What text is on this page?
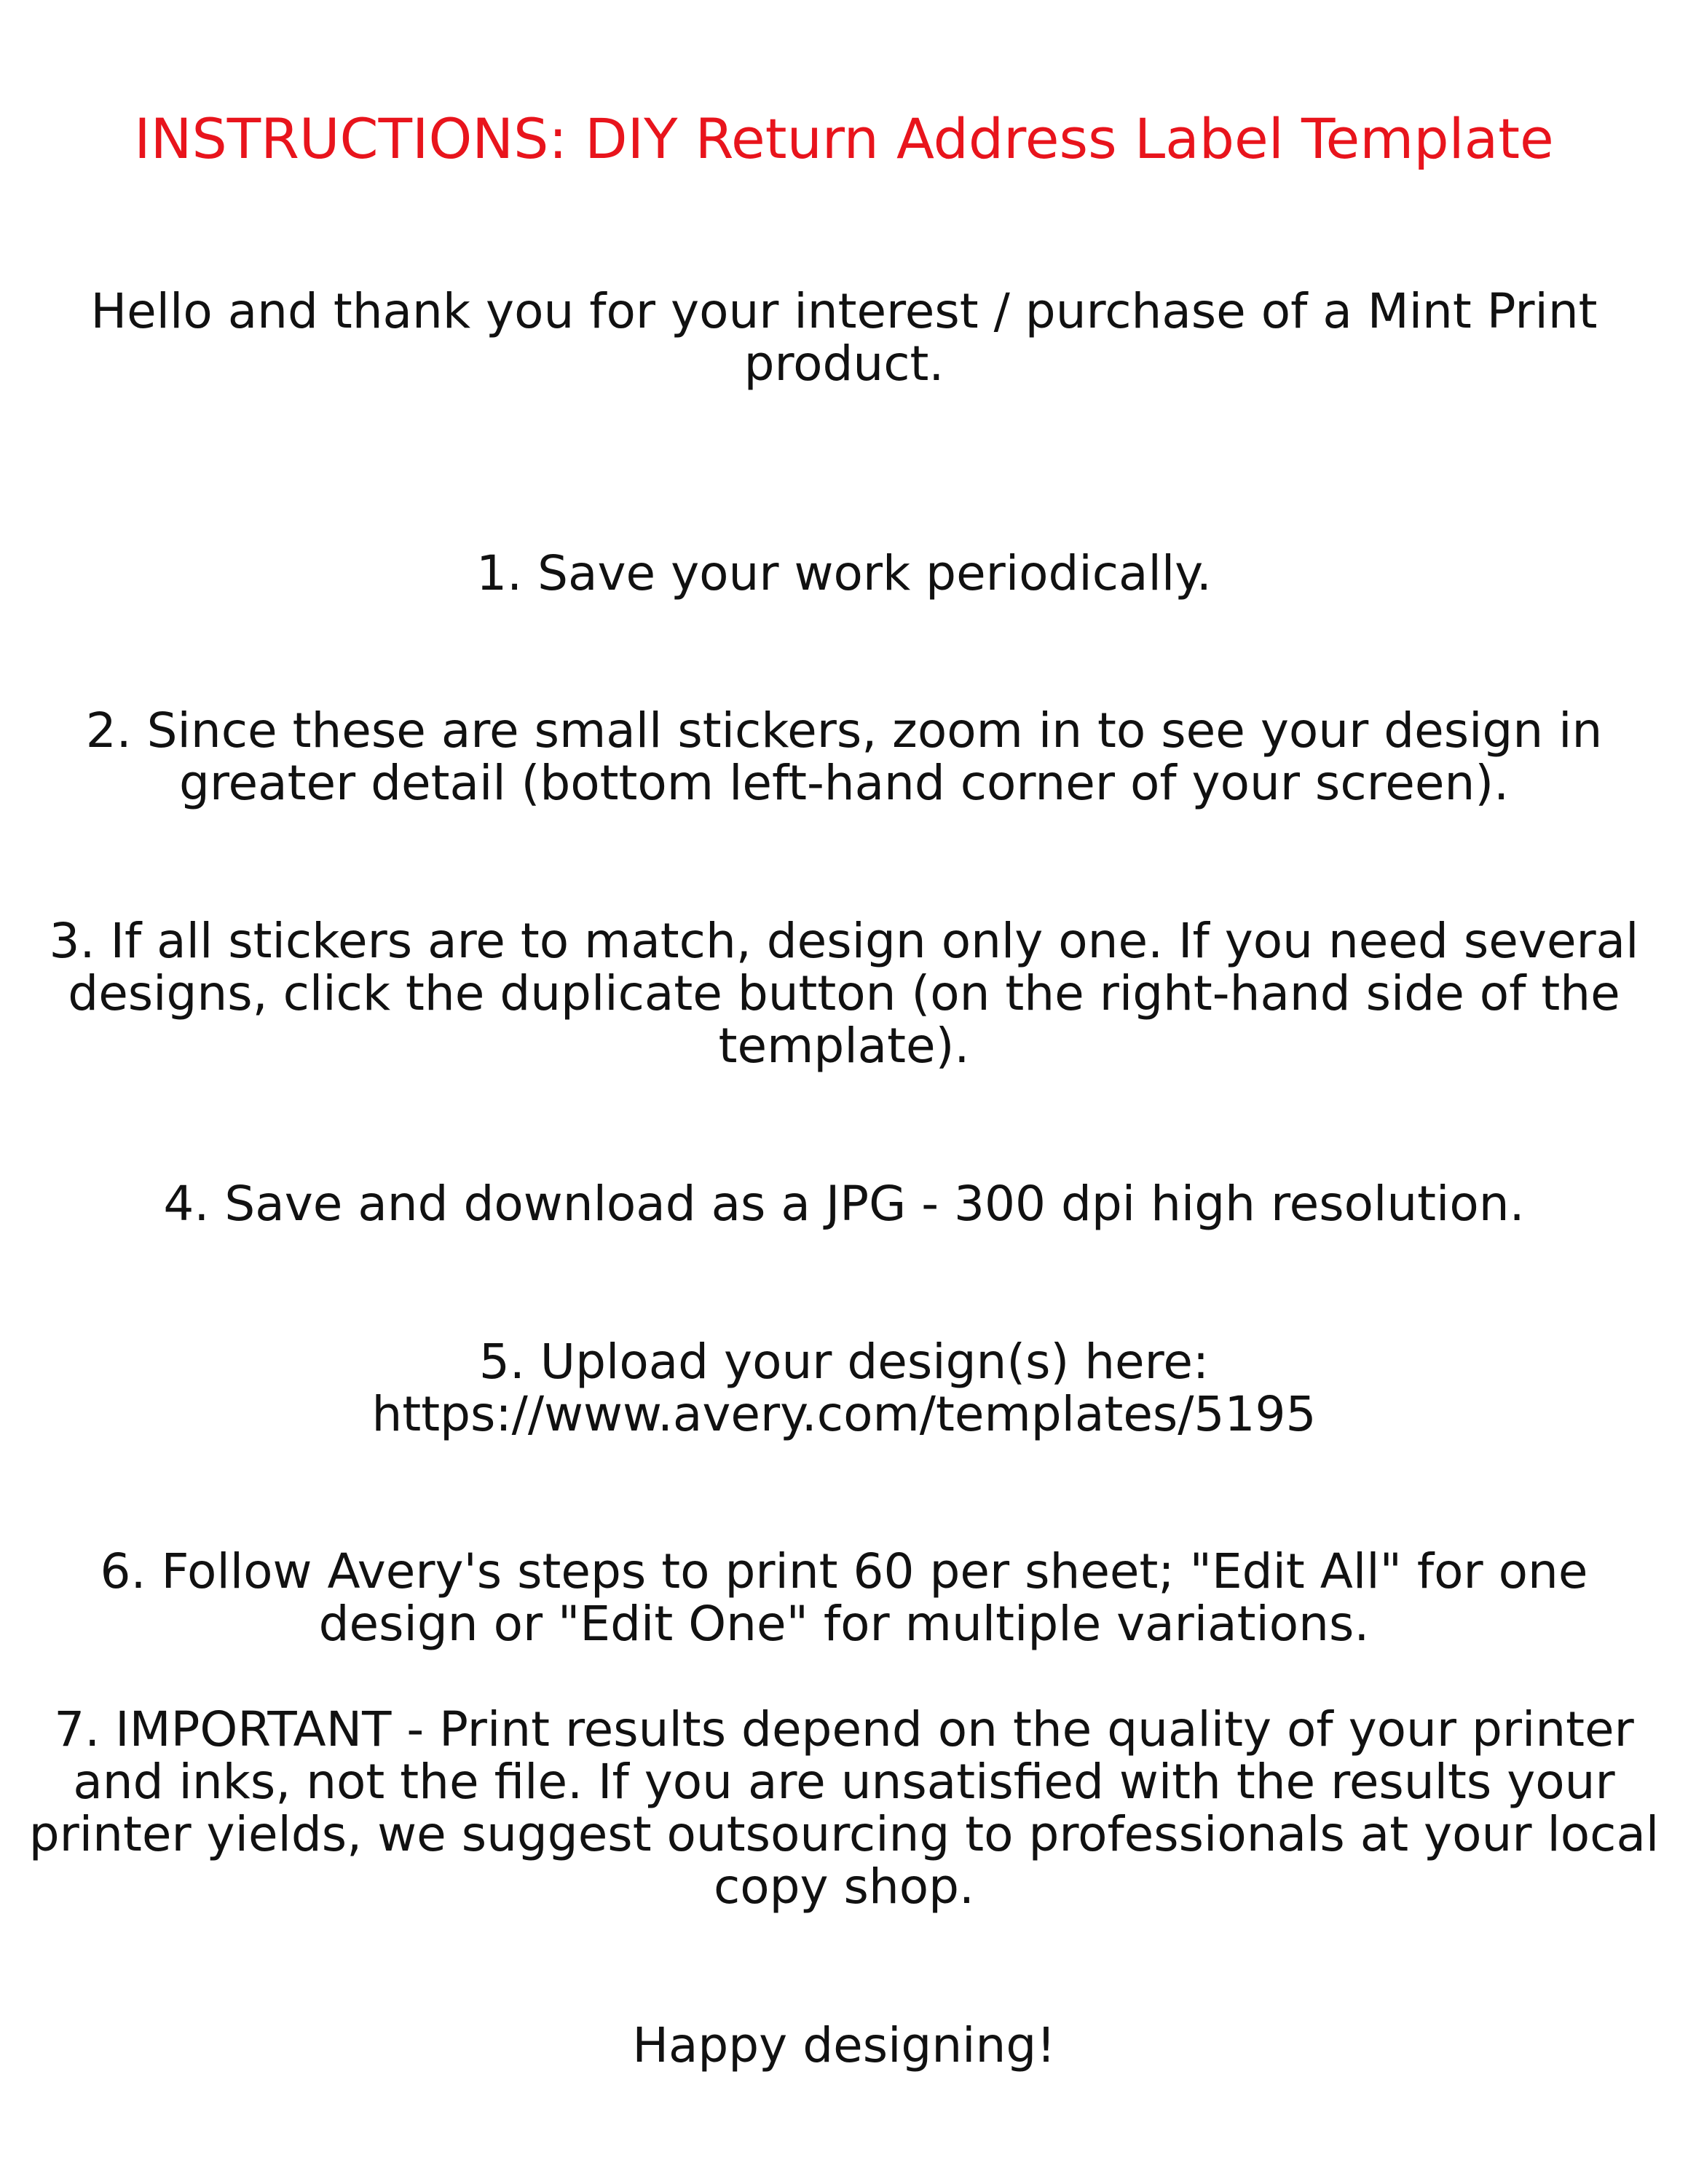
INSTRUCTIONS: DIY Return Address Label Template

Hello and thank you for your interest / purchase of a Mint Print product.

1. Save your work periodically.

2. Since these are small stickers, zoom in to see your design in greater detail (bottom left-hand corner of your screen).

3. If all stickers are to match, design only one. If you need several designs, click the duplicate button (on the right-hand side of the template).

4. Save and download as a JPG - 300 dpi high resolution.

5. Upload your design(s) here:
https://www.avery.com/templates/5195

6. Follow Avery's steps to print 60 per sheet; "Edit All" for one design or "Edit One" for multiple variations.

7. IMPORTANT - Print results depend on the quality of your printer and inks, not the file. If you are unsatisfied with the results your printer yields, we suggest outsourcing to professionals at your local copy shop.

Happy designing!
